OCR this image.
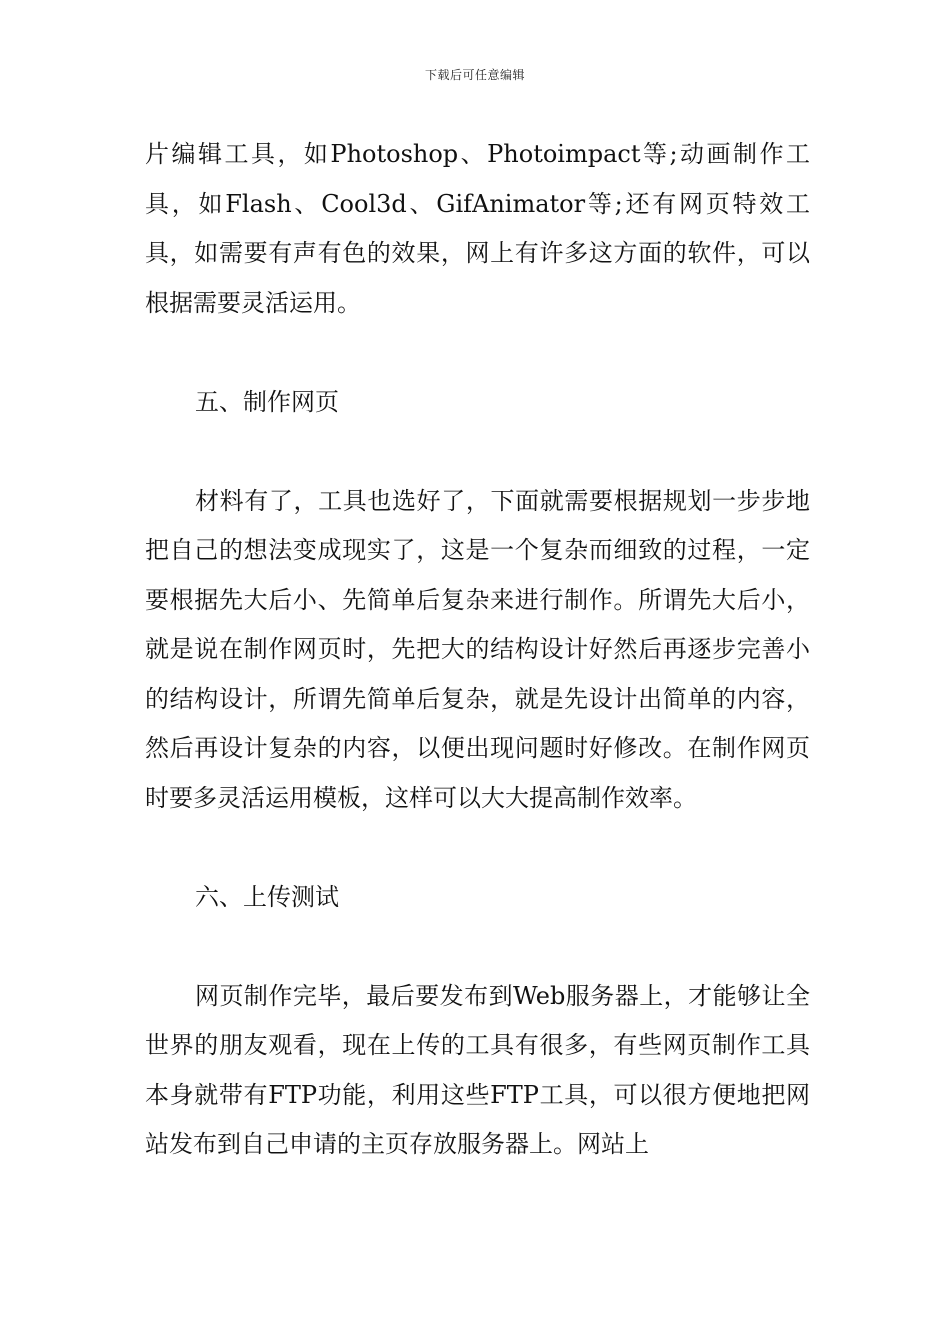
下载后可任意编辑

片编辑工具，如Photoshop、Photoimpact等;动画制作工具，如Flash、Cool3d、GifAnimator等;还有网页特效工具，如需要有声有色的效果，网上有许多这方面的软件，可以根据需要灵活运用。

五、制作网页

材料有了，工具也选好了，下面就需要根据规划一步步地把自己的想法变成现实了，这是一个复杂而细致的过程，一定要根据先大后小、先简单后复杂来进行制作。所谓先大后小，就是说在制作网页时，先把大的结构设计好然后再逐步完善小的结构设计，所谓先简单后复杂，就是先设计出简单的内容，然后再设计复杂的内容，以便出现问题时好修改。在制作网页时要多灵活运用模板，这样可以大大提高制作效率。

六、上传测试

网页制作完毕，最后要发布到Web服务器上，才能够让全世界的朋友观看，现在上传的工具有很多，有些网页制作工具本身就带有FTP功能，利用这些FTP工具，可以很方便地把网站发布到自己申请的主页存放服务器上。网站上
